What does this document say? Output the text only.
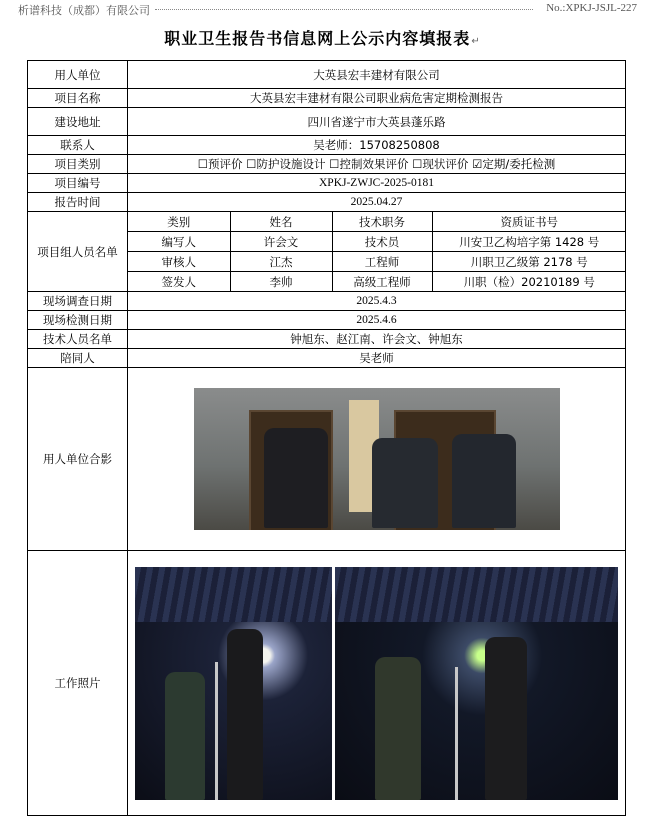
析谱科技（成都）有限公司	No.:XPKJ-JSJL-227
职业卫生报告书信息网上公示内容填报表↵
用人单位	大英县宏丰建材有限公司
项目名称	大英县宏丰建材有限公司职业病危害定期检测报告
建设地址	四川省遂宁市大英县蓬乐路
联系人	吴老师：15708250808
项目类别	☐预评价 ☐防护设施设计 ☐控制效果评价 ☐现状评价 ☑定期/委托检测
项目编号	XPKJ-ZWJC-2025-0181
报告时间	2025.04.27
项目组人员名单	
类别	姓名	技术职务	资质证书号
编写人	许会文	技术员	川安卫乙构培字第 1428 号
审核人	江杰	工程师	川职卫乙级第 2178 号
签发人	李帅	高级工程师	川职（检）20210189 号

现场调查日期	2025.4.3
现场检测日期	2025.4.6
技术人员名单	钟旭东、赵江南、许会文、钟旭东
陪同人	吴老师
用人单位合影	

工作照片	
